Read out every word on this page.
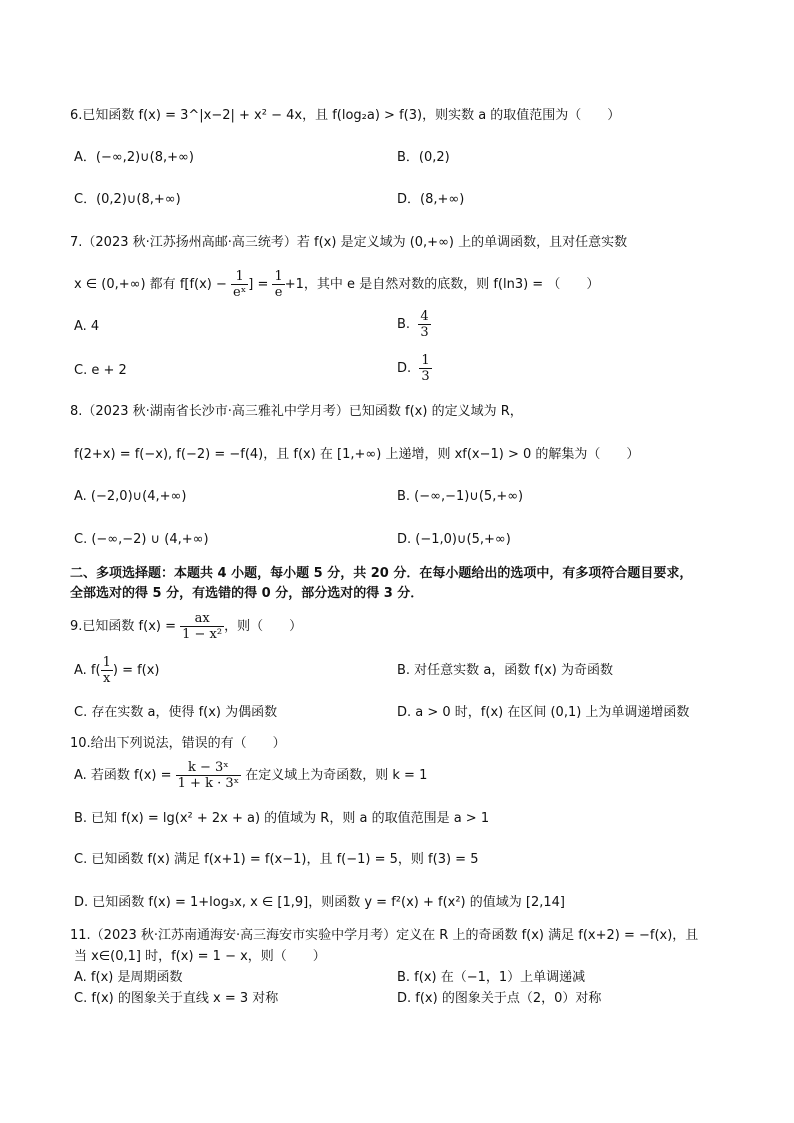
6.已知函数 f(x) = 3^|x−2| + x² − 4x，且 f(log₂a) > f(3)，则实数 a 的取值范围为（　　）
A．(−∞,2)∪(8,+∞)	B．(0,2)
C．(0,2)∪(8,+∞)	D．(8,+∞)
7.（2023 秋·江苏扬州高邮·高三统考）若 f(x) 是定义域为 (0,+∞) 上的单调函数，且对任意实数
x ∈ (0,+∞) 都有 $f[f(x) - \frac{1}{\text{eˣ}}$ ] = $\frac{1}{e} +1$，其中 e 是自然对数的底数，则 f(ln3) = （　　）
A. 4	B. $\frac{4}{3}$
C. e + 2	D. $\frac{1}{3}$
8.（2023 秋·湖南省长沙市·高三雅礼中学月考）已知函数 f(x) 的定义域为 R，
f(2+x) = f(−x), f(−2) = −f(4)，且 f(x) 在 [1,+∞) 上递增，则 xf(x−1) > 0 的解集为（　　）
A. (−2,0)∪(4,+∞)	B. (−∞,−1)∪(5,+∞)
C. (−∞,−2) ∪ (4,+∞)	D. (−1,0)∪(5,+∞)
二、多项选择题：本题共 4 小题，每小题 5 分，共 20 分．在每小题给出的选项中，有多项符合题目要求，
全部选对的得 5 分，有选错的得 0 分，部分选对的得 3 分．
9.已知函数 $f(x) = \frac{ax}{\text{1 − x²}}$ ，则（　　）
A. $f( \frac{1}{x}$ ) = f(x)	B. 对任意实数 a，函数 f(x) 为奇函数
C. 存在实数 a，使得 f(x) 为偶函数	D. a > 0 时，f(x) 在区间 (0,1) 上为单调递增函数
10.给出下列说法，错误的有（　　）
A. 若函数 $f(x) = \frac{\text{k − 3ˣ}}{\text{1 + k · 3ˣ}}$ 在定义域上为奇函数，则 k = 1
B. 已知 f(x) = lg(x² + 2x + a) 的值域为 R，则 a 的取值范围是 a > 1
C. 已知函数 f(x) 满足 f(x+1) = f(x−1)，且 f(−1) = 5，则 f(3) = 5
D. 已知函数 f(x) = 1+log₃x, x ∈ [1,9]，则函数 y = f²(x) + f(x²) 的值域为 [2,14]
11.（2023 秋·江苏南通海安·高三海安市实验中学月考）定义在 R 上的奇函数 f(x) 满足 f(x+2) = −f(x)，且
当 x∈(0,1] 时，f(x) = 1 − x，则（　　）
A. f(x) 是周期函数	B. f(x) 在（−1，1）上单调递减
C. f(x) 的图象关于直线 x = 3 对称	D. f(x) 的图象关于点（2，0）对称
